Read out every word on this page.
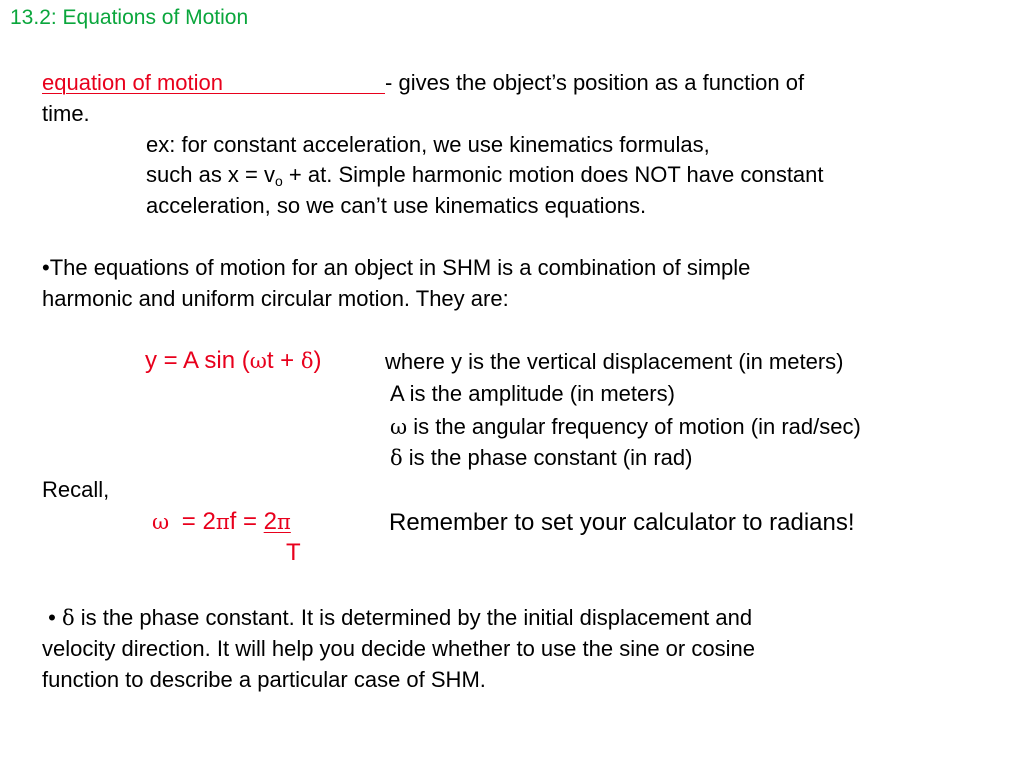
13.2: Equations of Motion
equation of motion	- gives the object’s position as a function of
time.
ex: for constant acceleration, we use kinematics formulas,
such as $x = v_o$ + at. Simple harmonic motion does NOT have constant
acceleration, so we can’t use kinematics equations.
•The equations of motion for an object in SHM is a combination of simple
harmonic and uniform circular motion. They are:
y = A sin (ωt + δ)	where y is the vertical displacement (in meters)
A is the amplitude (in meters)
ω is the angular frequency of motion (in rad/sec)
δ is the phase constant (in rad)
Recall,
ω = 2πf = 2π
T
Remember to set your calculator to radians!
• δ is the phase constant. It is determined by the initial displacement and
velocity direction. It will help you decide whether to use the sine or cosine
function to describe a particular case of SHM.
